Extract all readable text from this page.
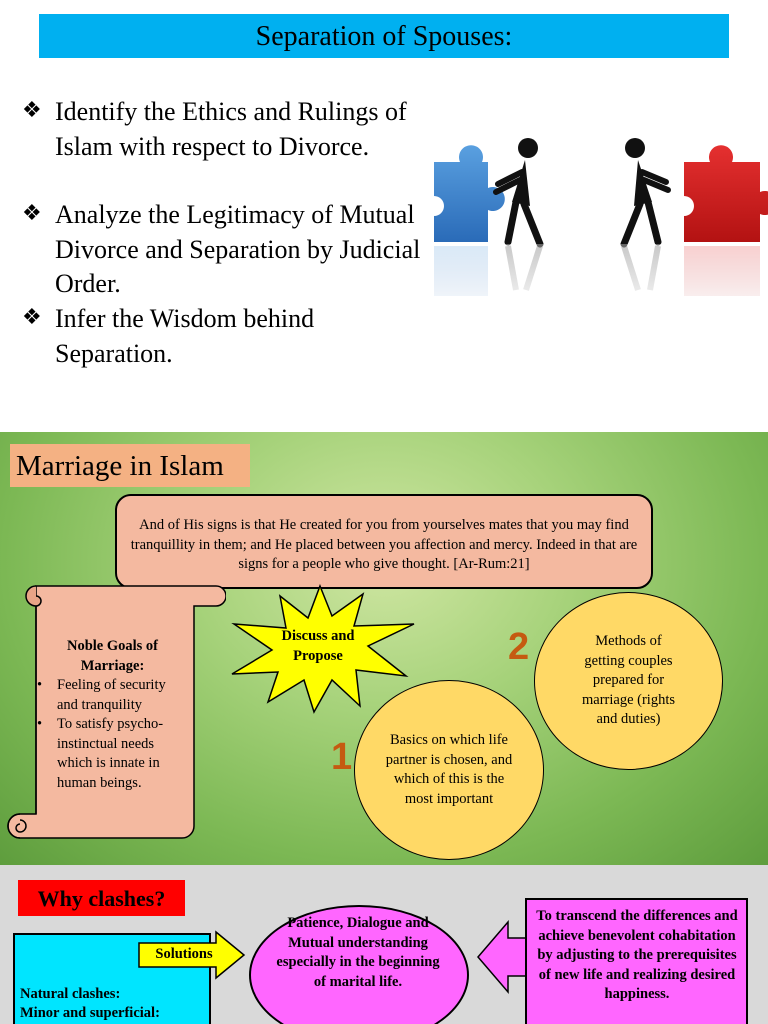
Separation of Spouses:
❖ Identify the Ethics and Rulings of Islam with respect to Divorce.
❖ Analyze the Legitimacy of Mutual Divorce and Separation by Judicial Order.
❖ Infer the Wisdom behind Separation.
Marriage in Islam
And of His signs is that He created for you from yourselves mates that you may find tranquillity in them; and He placed between you affection and mercy. Indeed in that are signs for a people who give thought. [Ar-Rum:21]
Noble Goals of Marriage:
• Feeling of security and tranquility
• To satisfy psycho-instinctual needs which is innate in human beings.
Discuss and Propose	2	Methods of getting couples prepared for marriage (rights and duties)
1	Basics on which life partner is chosen, and which of this is the most important
Why clashes?
Natural clashes:
Minor and superficial:
Solutions
Patience, Dialogue and Mutual understanding especially in the beginning of marital life.
To transcend the differences and achieve benevolent cohabitation by adjusting to the prerequisites of new life and realizing desired happiness.
